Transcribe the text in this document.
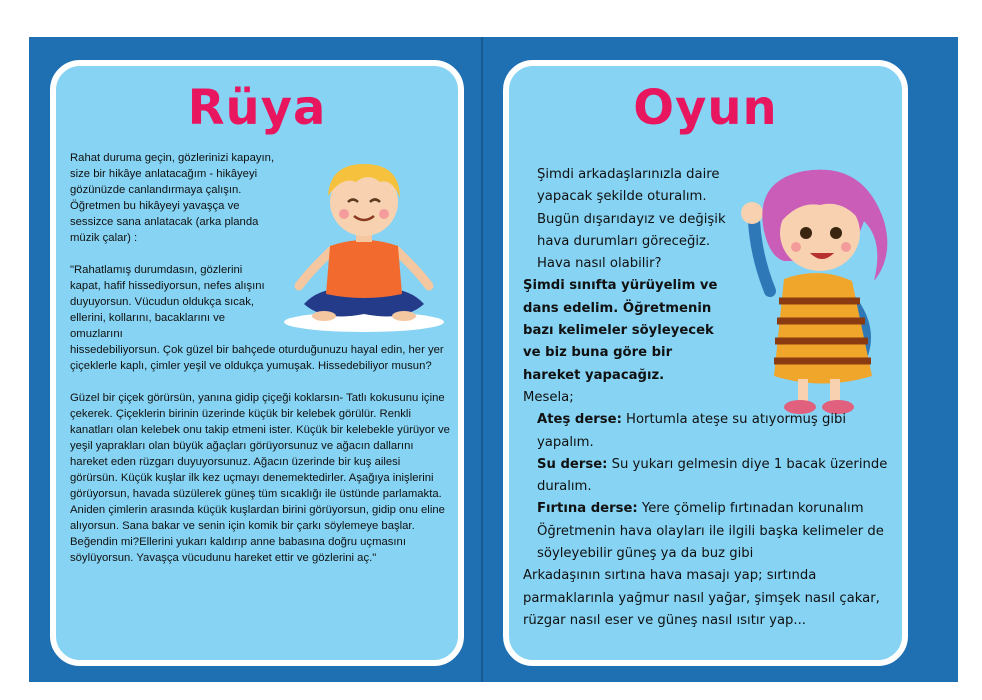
Rüya

Rahat duruma geçin, gözlerinizi kapayın, size bir hikâye anlatacağım - hikâyeyi gözünüzde canlandırmaya çalışın. Öğretmen bu hikâyeyi yavaşça ve sessizce sana anlatacak (arka planda müzik çalar) :

"Rahatlamış durumdasın, gözlerini kapat, hafif hissediyorsun, nefes alışını duyuyorsun. Vücudun oldukça sıcak, ellerini, kollarını, bacaklarını ve omuzlarını
hissedebiliyorsun. Çok güzel bir bahçede oturduğunuzu hayal edin, her yer çiçeklerle kaplı, çimler yeşil ve oldukça yumuşak. Hissedebiliyor musun?

Güzel bir çiçek görürsün, yanına gidip çiçeği koklarsın- Tatlı kokusunu içine çekerek. Çiçeklerin birinin üzerinde küçük bir kelebek görülür. Renkli kanatları olan kelebek onu takip etmeni ister. Küçük bir kelebekle yürüyor ve yeşil yaprakları olan büyük ağaçları görüyorsunuz ve ağacın dallarını hareket eden rüzgarı duyuyorsunuz. Ağacın üzerinde bir kuş ailesi görürsün. Küçük kuşlar ilk kez uçmayı denemektedirler. Aşağıya inişlerini görüyorsun, havada süzülerek güneş tüm sıcaklığı ile üstünde parlamakta. Aniden çimlerin arasında küçük kuşlardan birini görüyorsun, gidip onu eline alıyorsun. Sana bakar ve senin için komik bir çarkı söylemeye başlar. Beğendin mi?Ellerini yukarı kaldırıp anne babasına doğru uçmasını söylüyorsun. Yavaşça vücudunu hareket ettir ve gözlerini aç."

Oyun

Şimdi arkadaşlarınızla daire yapacak şekilde oturalım. Bugün dışarıdayız ve değişik hava durumları göreceğiz. Hava nasıl olabilir?

Şimdi sınıfta yürüyelim ve dans edelim. Öğretmenin bazı kelimeler söyleyecek ve biz buna göre bir hareket yapacağız.

Mesela;

Ateş derse: Hortumla ateşe su atıyormuş gibi yapalım.

Su derse: Su yukarı gelmesin diye 1 bacak üzerinde duralım.

Fırtına derse: Yere çömelip fırtınadan korunalım

Öğretmenin hava olayları ile ilgili başka kelimeler de söyleyebilir güneş ya da buz gibi

Arkadaşının sırtına hava masajı yap; sırtında parmaklarınla yağmur nasıl yağar, şimşek nasıl çakar, rüzgar nasıl eser ve güneş nasıl ısıtır yap...
